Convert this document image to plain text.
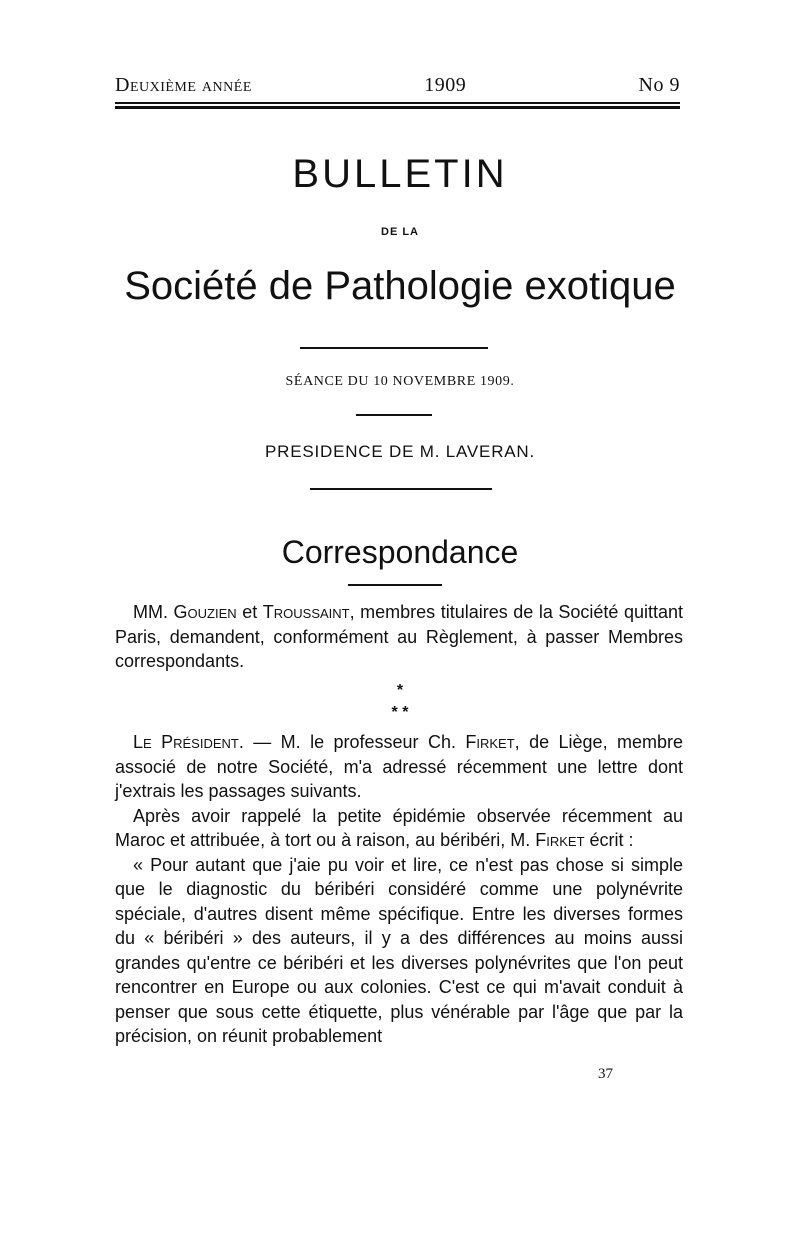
Deuxième année	1909	No 9
BULLETIN
DE LA
Société de Pathologie exotique
SÉANCE DU 10 NOVEMBRE 1909.
PRESIDENCE DE M. LAVERAN.
Correspondance

MM. Gouzien et Troussaint, membres titulaires de la Société quittant Paris, demandent, conformément au Règlement, à passer Membres correspondants.

*
* *

Le Président. — M. le professeur Ch. Firket, de Liège, membre associé de notre Société, m'a adressé récemment une lettre dont j'extrais les passages suivants.

Après avoir rappelé la petite épidémie observée récemment au Maroc et attribuée, à tort ou à raison, au béribéri, M. Firket écrit :

« Pour autant que j'aie pu voir et lire, ce n'est pas chose si simple que le diagnostic du béribéri considéré comme une polynévrite spéciale, d'autres disent même spécifique. Entre les diverses formes du « béribéri » des auteurs, il y a des différences au moins aussi grandes qu'entre ce béribéri et les diverses polynévrites que l'on peut rencontrer en Europe ou aux colonies. C'est ce qui m'avait conduit à penser que sous cette étiquette, plus vénérable par l'âge que par la précision, on réunit probablement

37
